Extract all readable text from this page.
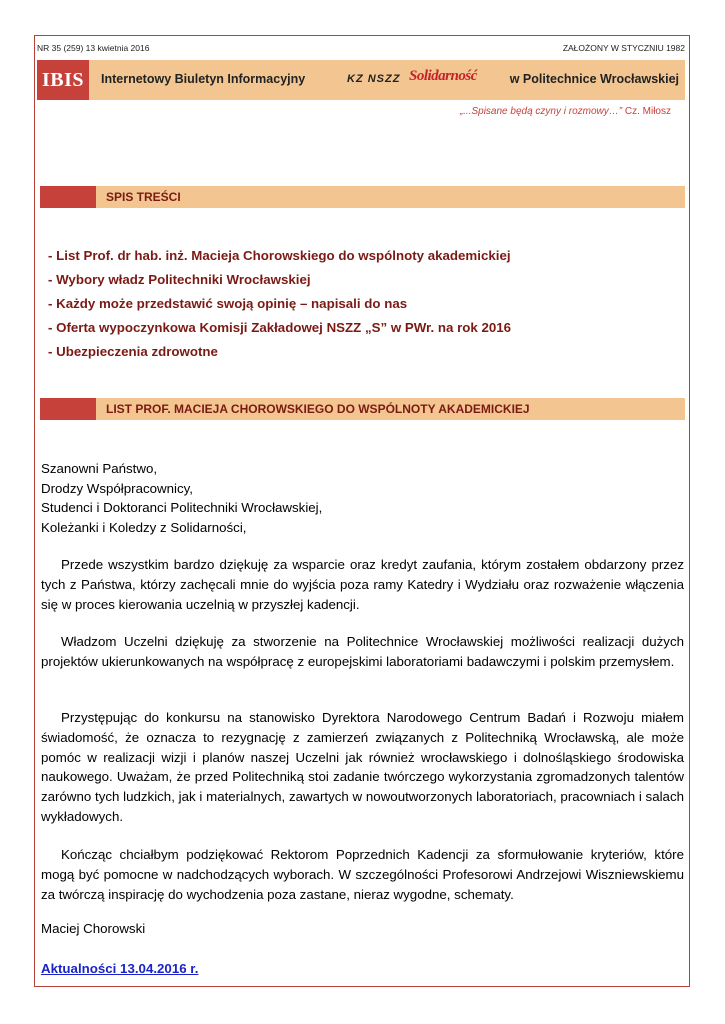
NR 35 (259) 13 kwietnia 2016	ZAŁOŻONY W STYCZNIU 1982
IBIS	Internetowy Biuletyn Informacyjny	KZ NSZZ Solidarność	w Politechnice Wrocławskiej
„...Spisane będą czyny i rozmowy…” Cz. Miłosz
SPIS TREŚCI
- List Prof. dr hab. inż. Macieja Chorowskiego do wspólnoty akademickiej
- Wybory władz Politechniki Wrocławskiej
- Każdy może przedstawić swoją opinię – napisali do nas
- Oferta wypoczynkowa Komisji Zakładowej NSZZ „S” w PWr. na rok 2016
- Ubezpieczenia zdrowotne
LIST PROF. MACIEJA CHOROWSKIEGO DO WSPÓLNOTY AKADEMICKIEJ
Szanowni Państwo,
Drodzy Współpracownicy,
Studenci i Doktoranci Politechniki Wrocławskiej,
Koleżanki i Koledzy z Solidarności,
Przede wszystkim bardzo dziękuję za wsparcie oraz kredyt zaufania, którym zostałem obdarzony przez tych z Państwa, którzy zachęcali mnie do wyjścia poza ramy Katedry i Wydziału oraz rozważenie włączenia się w proces kierowania uczelnią w przyszłej kadencji.
Władzom Uczelni dziękuję za stworzenie na Politechnice Wrocławskiej możliwości realizacji dużych projektów ukierunkowanych na współpracę z europejskimi laboratoriami badawczymi i polskim przemysłem.
Przystępując do konkursu na stanowisko Dyrektora Narodowego Centrum Badań i Rozwoju miałem świadomość, że oznacza to rezygnację z zamierzeń związanych z Politechniką Wrocławską, ale może pomóc w realizacji wizji i planów naszej Uczelni jak również wrocławskiego i dolnośląskiego środowiska naukowego. Uważam, że przed Politechniką stoi zadanie twórczego wykorzystania zgromadzonych talentów zarówno tych ludzkich, jak i materialnych, zawartych w nowoutworzonych laboratoriach, pracowniach i salach wykładowych.
Kończąc chciałbym podziękować Rektorom Poprzednich Kadencji za sformułowanie kryteriów, które mogą być pomocne w nadchodzących wyborach. W szczególności Profesorowi Andrzejowi Wiszniewskiemu za twórczą inspirację do wychodzenia poza zastane, nieraz wygodne, schematy.
Maciej Chorowski
Aktualności 13.04.2016 r.
